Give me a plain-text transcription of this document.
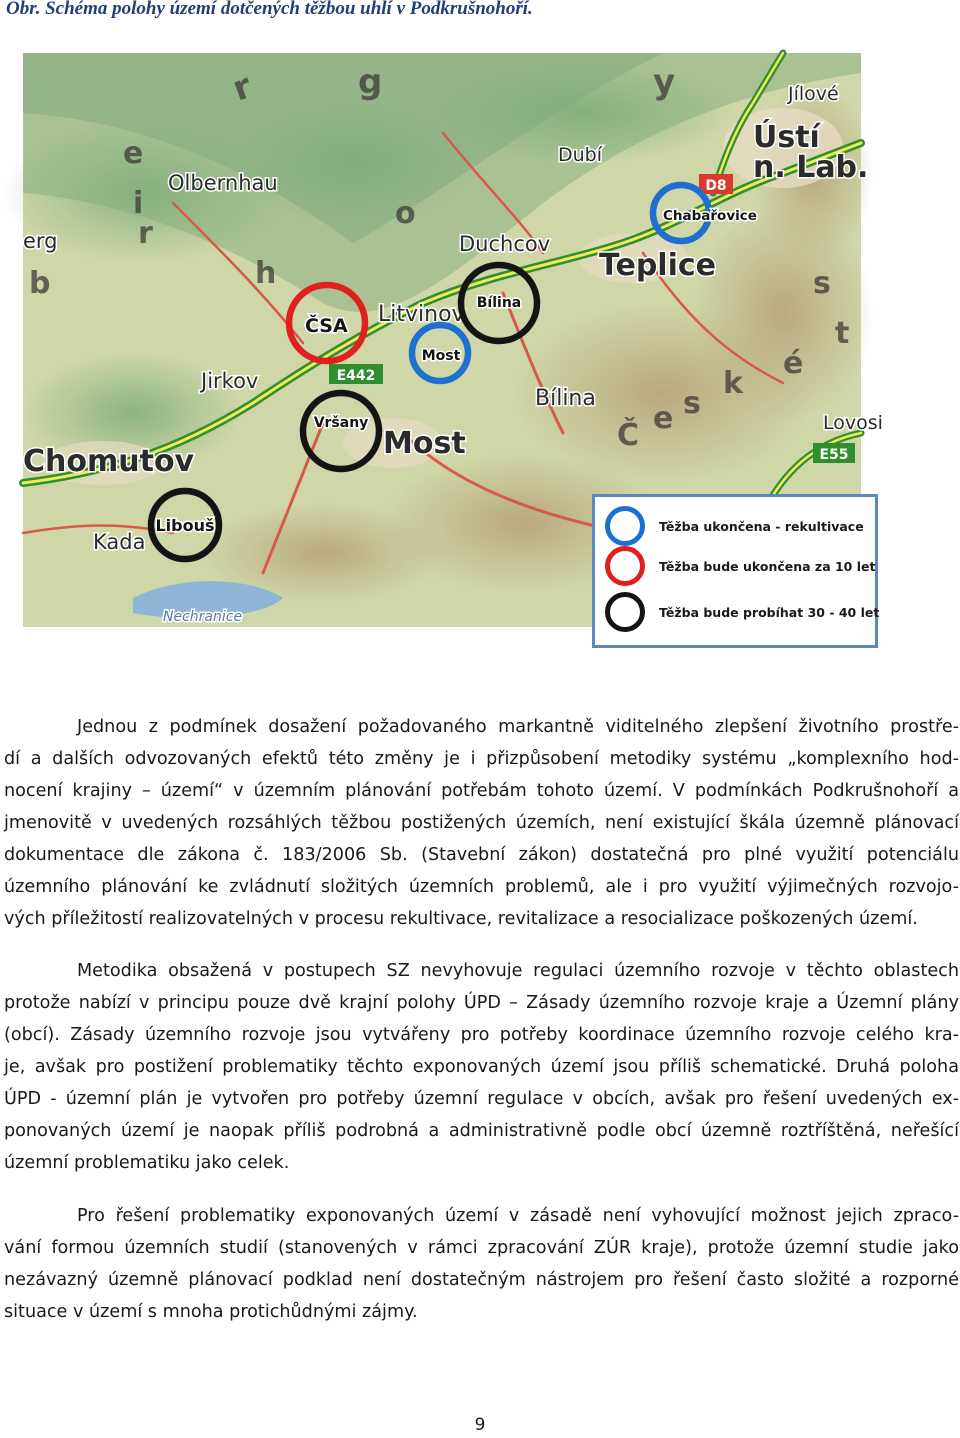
Obr. Schéma polohy území dotčených těžbou uhlí v Podkrušnohoří.
D8
E442
E55
r	g	y
e
i	o
r
h
b	s
t
é
k
s
e
Č
Jílové
Ústí
n. Lab.
Dubí
Olbernhau
erg	Duchcov
Teplice
Litvinov
Jirkov
Bílina
Most
Chomutov
Kada
Lovosi
Nechranice
Chabařovice
ČSA
Bílina
Most
Vršany
Libouš	Těžba ukončena - rekultivace
Těžba bude ukončena za 10 let
Těžba bude probíhat 30 - 40 let
Jednou z podmínek dosažení požadovaného markantně viditelného zlepšení životního prostře-
dí a dalších odvozovaných efektů této změny je i přizpůsobení metodiky systému „komplexního hod-
nocení krajiny – území“ v územním plánování potřebám tohoto území. V podmínkách Podkrušnohoří a
jmenovitě v uvedených rozsáhlých těžbou postižených územích, není existující škála územně plánovací
dokumentace dle zákona č. 183/2006 Sb. (Stavební zákon) dostatečná pro plné využití potenciálu
územního plánování ke zvládnutí složitých územních problemů, ale i pro využití výjimečných rozvojo-
vých příležitostí realizovatelných v procesu rekultivace, revitalizace a resocializace poškozených území.
Metodika obsažená v postupech SZ nevyhovuje regulaci územního rozvoje v těchto oblastech
protože nabízí v principu pouze dvě krajní polohy ÚPD – Zásady územního rozvoje kraje a Územní plány
(obcí). Zásady územního rozvoje jsou vytvářeny pro potřeby koordinace územního rozvoje celého kra-
je, avšak pro postižení problematiky těchto exponovaných území jsou příliš schematické. Druhá poloha
ÚPD - územní plán je vytvořen pro potřeby územní regulace v obcích, avšak pro řešení uvedených ex-
ponovaných území je naopak příliš podrobná a administrativně podle obcí územně roztříštěná, neřešící
územní problematiku jako celek.
Pro řešení problematiky exponovaných území v zásadě není vyhovující možnost jejich zpraco-
vání formou územních studií (stanovených v rámci zpracování ZÚR kraje), protože územní studie jako
nezávazný územně plánovací podklad není dostatečným nástrojem pro řešení často složité a rozporné
situace v území s mnoha protichůdnými zájmy.
9
